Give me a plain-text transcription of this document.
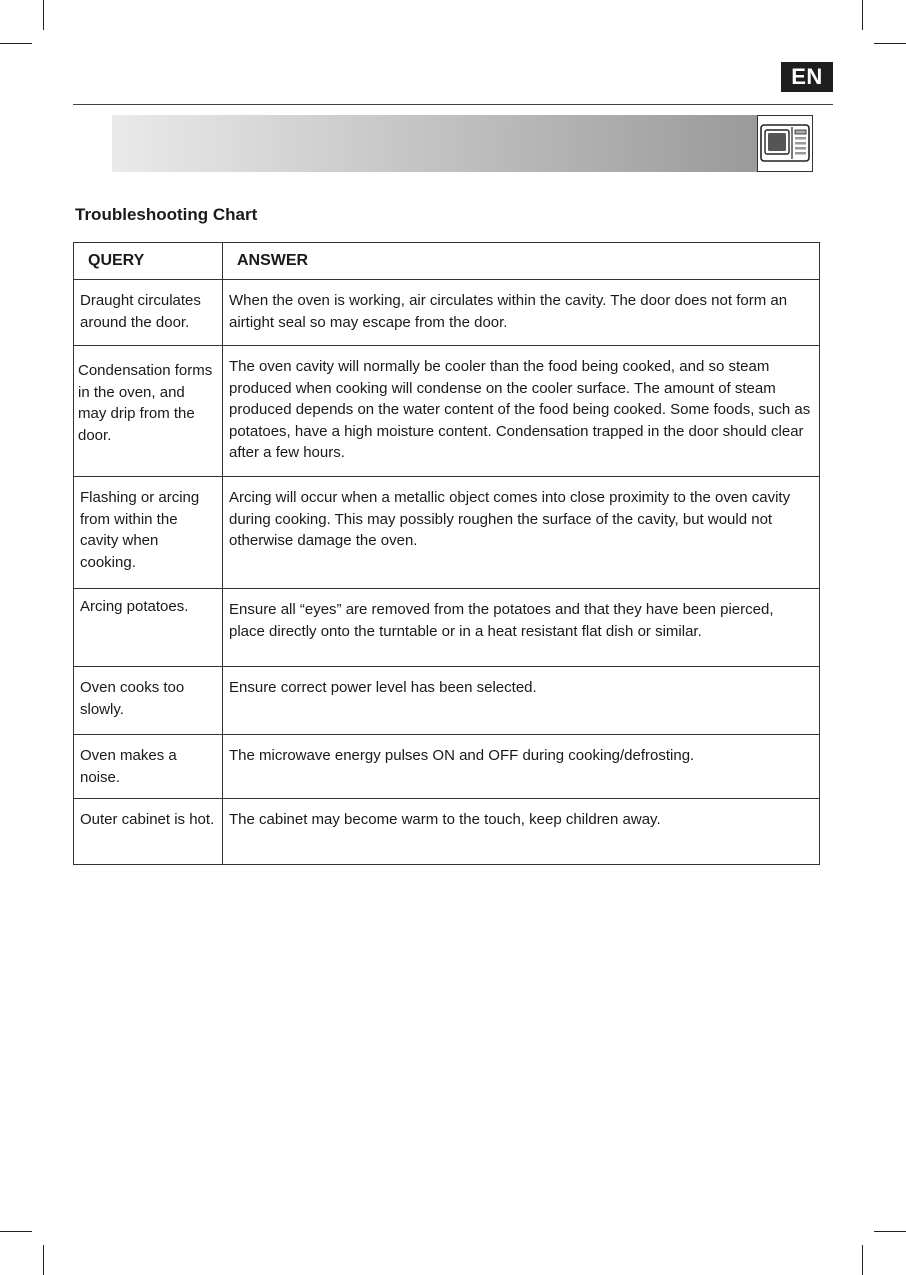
EN
Troubleshooting Chart
QUERY	ANSWER

Draught circulates around the door.	When the oven is working, air circulates within the cavity. The door does not form an airtight seal so may escape from the door.

Condensation forms in the oven, and may drip from the door.	The oven cavity will normally be cooler than the food being cooked, and so steam produced when cooking will condense on the cooler surface. The amount of steam produced depends on the water content of the food being cooked. Some foods, such as potatoes, have a high moisture content. Condensation trapped in the door should clear after a few hours.

Flashing or arcing from within the cavity when cooking.	Arcing will occur when a metallic object comes into close proximity to the oven cavity during cooking. This may possibly roughen the surface of the cavity, but would not otherwise damage the oven.

Arcing potatoes.	Ensure all “eyes” are removed from the potatoes and that they have been pierced, place directly onto the turntable or in a heat resistant flat dish or similar.

Oven cooks too slowly.	Ensure correct power level has been selected.

Oven makes a noise.	The microwave energy pulses ON and OFF during cooking/defrosting.

Outer cabinet is hot.	The cabinet may become warm to the touch, keep children away.
